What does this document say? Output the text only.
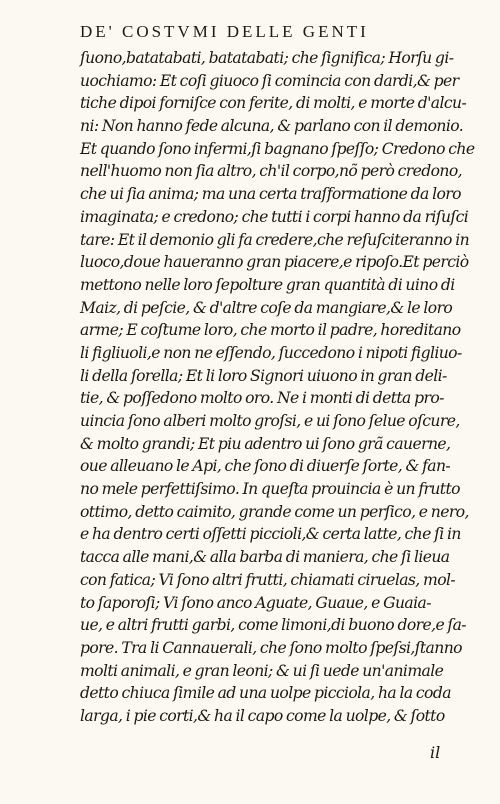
DE' COSTVMI DELLE GENTI
ſuono,batatabati, batatabati; che ſignifica; Horſu gi-
uochiamo: Et coſi giuoco ſi comincia con dardi,& per
tiche dipoi forniſce con ferite, di molti, e morte d'alcu-
ni: Non hanno fede alcuna, & parlano con il demonio.
Et quando ſono infermi,ſi bagnano ſpeſſo; Credono che
nell'huomo non ſia altro, ch'il corpo,nõ però credono,
che ui ſia anima; ma una certa traſformatione da loro
imaginata; e credono; che tutti i corpi hanno da riſuſci
tare: Et il demonio gli fa credere,che reſuſciteranno in
luoco,doue haueranno gran piacere,e ripoſo.Et perciò
mettono nelle loro ſepolture gran quantità di uino di
Maiz, di peſcie, & d'altre coſe da mangiare,& le loro
arme; E coſtume loro, che morto il padre, horeditano
li figliuoli,e non ne eſſendo, ſuccedono i nipoti figliuo-
li della ſorella; Et li loro Signori uiuono in gran deli-
tie, & poſſedono molto oro. Ne i monti di detta pro-
uincia ſono alberi molto groſsi, e ui ſono ſelue oſcure,
& molto grandi; Et piu adentro ui ſono grã cauerne,
oue alleuano le Api, che ſono di diuerſe ſorte, & fan-
no mele perfettiſsimo. In queſta prouincia è un frutto
ottimo, detto caimito, grande come un perſico, e nero,
e ha dentro certi oſſetti piccioli,& certa latte, che ſi in
tacca alle mani,& alla barba di maniera, che ſi lieua
con fatica; Vi ſono altri frutti, chiamati ciruelas, mol-
to ſaporoſi; Vi ſono anco Aguate, Guaue, e Guaia-
ue, e altri frutti garbi, come limoni,di buono dore,e ſa-
pore. Tra li Cannauerali, che ſono molto ſpeſsi,ſtanno
molti animali, e gran leoni; & ui ſi uede un'animale
detto chiuca ſimile ad una uolpe picciola, ha la coda
larga, i pie corti,& ha il capo come la uolpe, & ſotto
il
